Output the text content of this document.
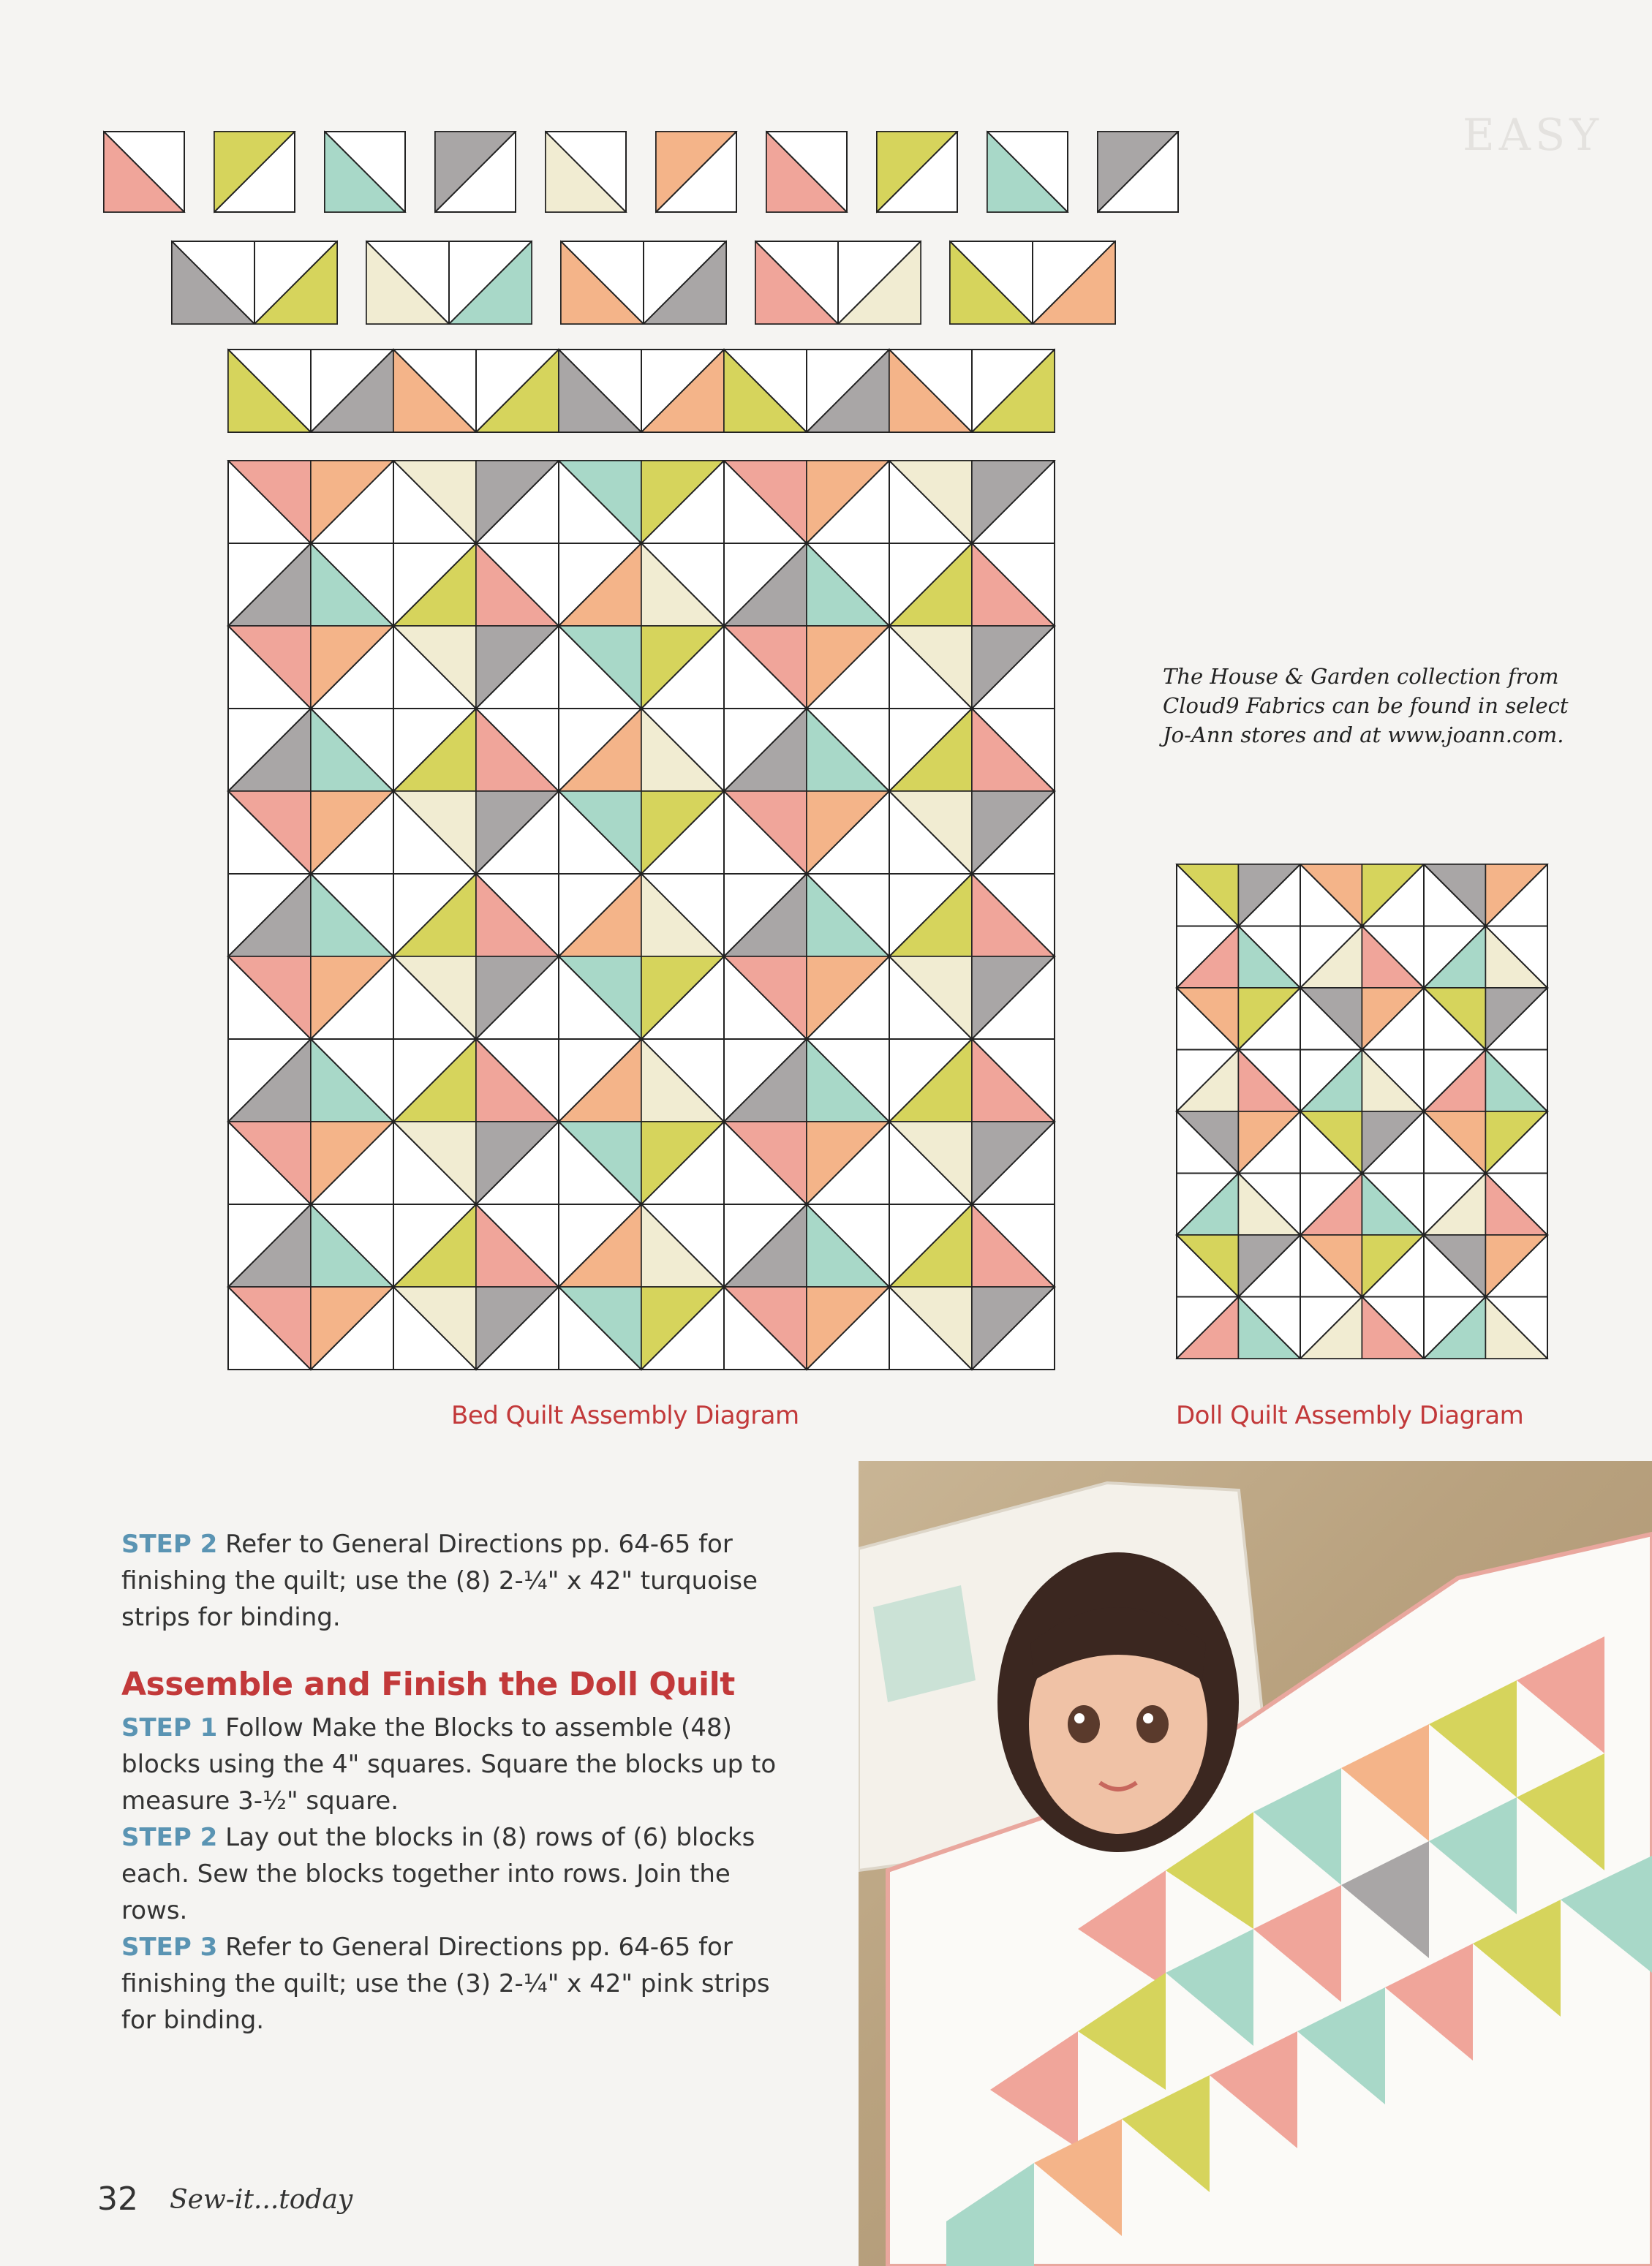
EASY
The House & Garden collection from Cloud9 Fabrics can be found in select Jo-Ann stores and at www.joann.com.
Bed Quilt Assembly Diagram	Doll Quilt Assembly Diagram
STEP 2 Refer to General Directions pp. 64-65 for finishing the quilt; use the (8) 2-¼" x 42" turquoise strips for binding.
Assemble and Finish the Doll Quilt
STEP 1 Follow Make the Blocks to assemble (48) blocks using the 4" squares. Square the blocks up to measure 3-½" square.
STEP 2 Lay out the blocks in (8) rows of (6) blocks each. Sew the blocks together into rows. Join the rows.
STEP 3 Refer to General Directions pp. 64-65 for finishing the quilt; use the (3) 2-¼" x 42" pink strips for binding.
32 Sew-it...today
